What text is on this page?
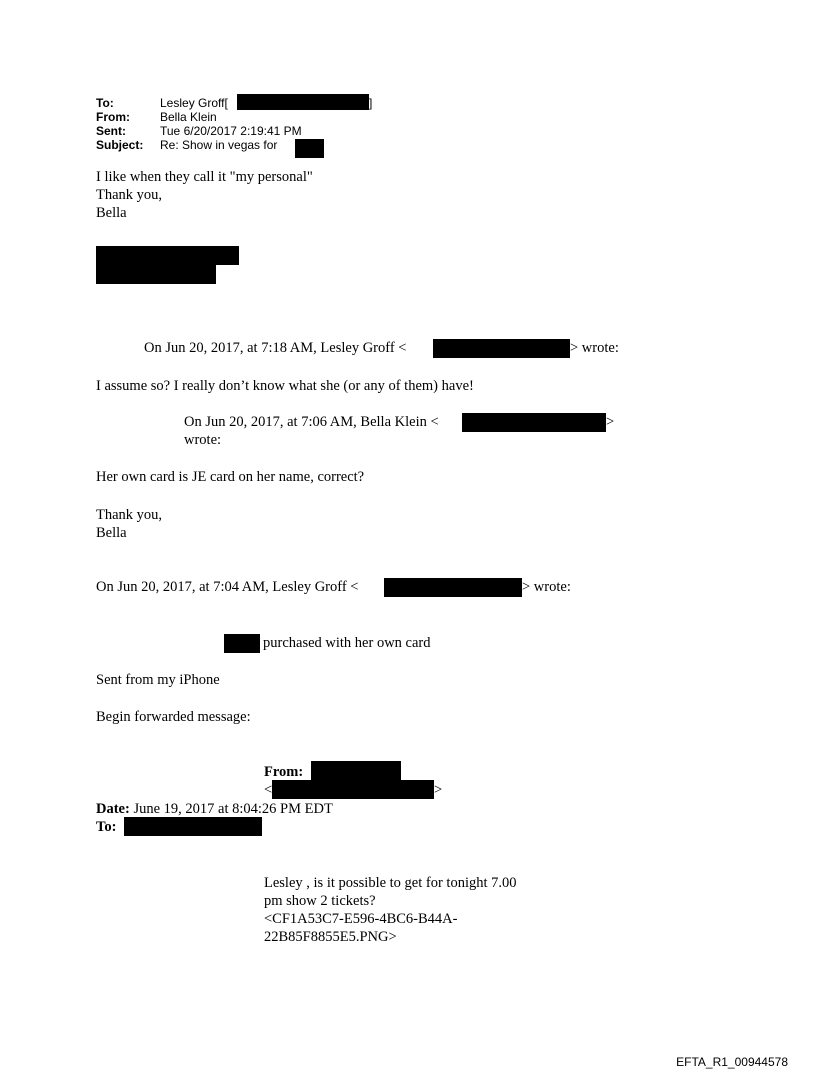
To:	Lesley Groff[	]
From:	Bella Klein
Sent:	Tue 6/20/2017 2:19:41 PM
Subject: Re: Show in vegas for
I like when they call it "my personal"
Thank you,
Bella
On Jun 20, 2017, at 7:18 AM, Lesley Groff <	> wrote:
I assume so? I really don’t know what she (or any of them) have!
On Jun 20, 2017, at 7:06 AM, Bella Klein <	>
wrote:
Her own card is JE card on her name, correct?
Thank you,
Bella
On Jun 20, 2017, at 7:04 AM, Lesley Groff <	> wrote:
purchased with her own card
Sent from my iPhone
Begin forwarded message:
From:
<	>
Date: June 19, 2017 at 8:04:26 PM EDT
To:
Lesley , is it possible to get for tonight 7.00
pm show 2 tickets?
<CF1A53C7-E596-4BC6-B44A-
22B85F8855E5.PNG>
EFTA_R1_00944578
